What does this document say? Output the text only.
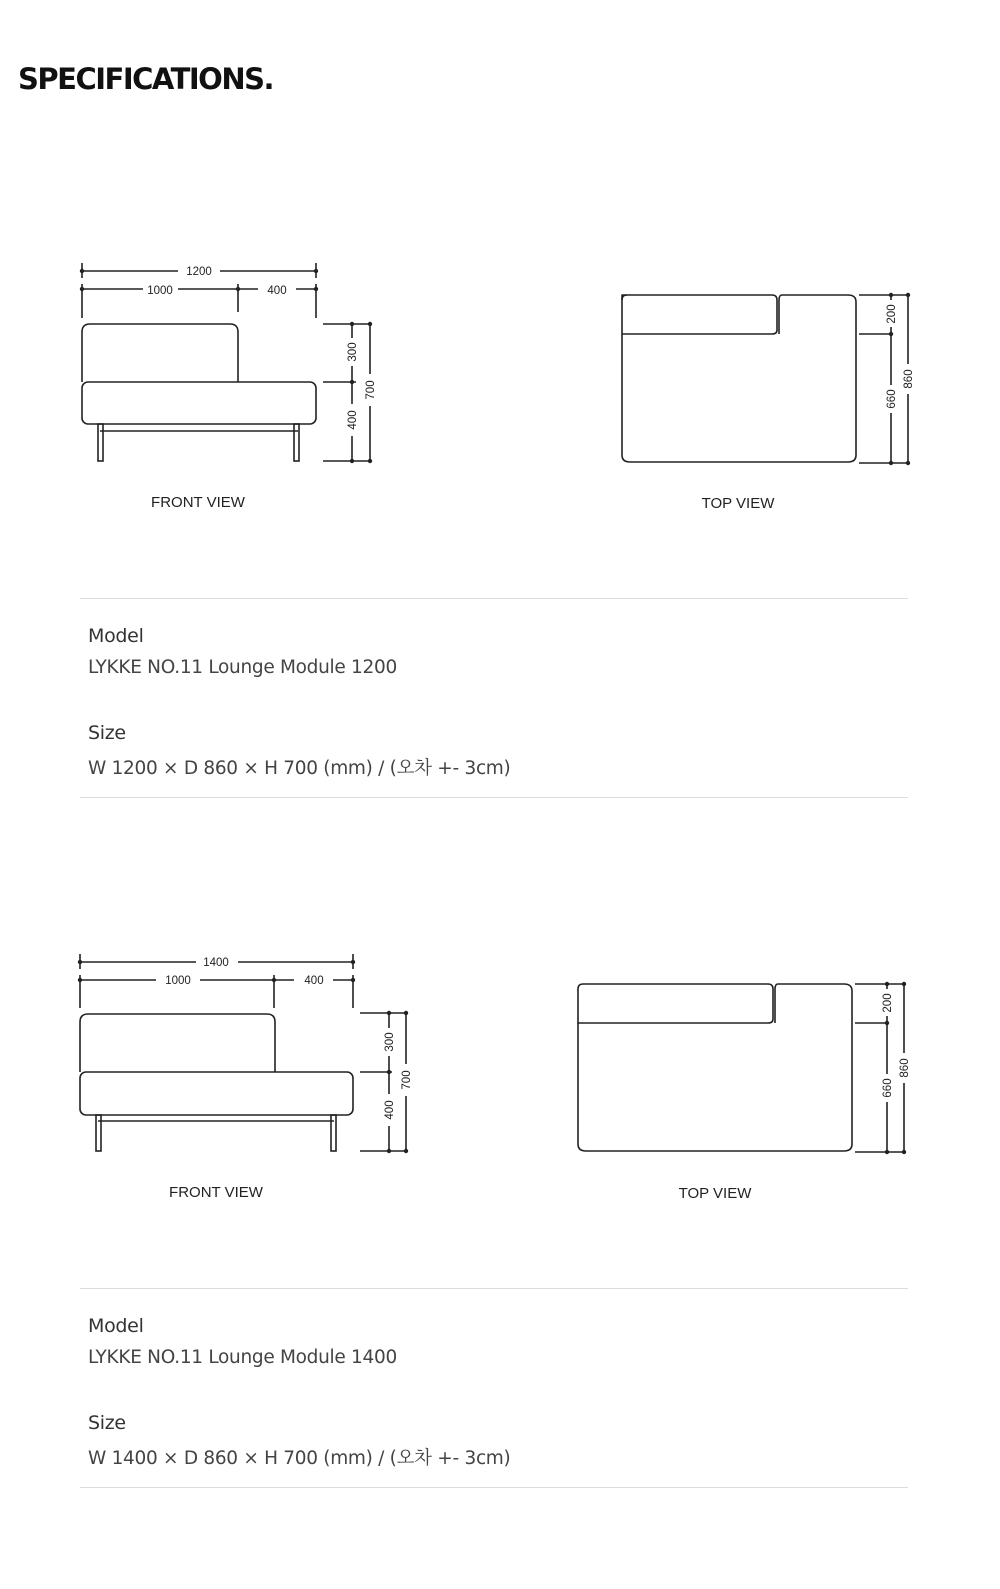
SPECIFICATIONS.
1200
1000	400
300
400
700
FRONT VIEW
200
660
860
TOP VIEW
Model
LYKKE NO.11 Lounge Module 1200
Size
W 1200 × D 860 × H 700 (mm) / (오차 +- 3cm)
1400
1000	400
300
400
700
FRONT VIEW
200
660
860
TOP VIEW
Model
LYKKE NO.11 Lounge Module 1400
Size
W 1400 × D 860 × H 700 (mm) / (오차 +- 3cm)
